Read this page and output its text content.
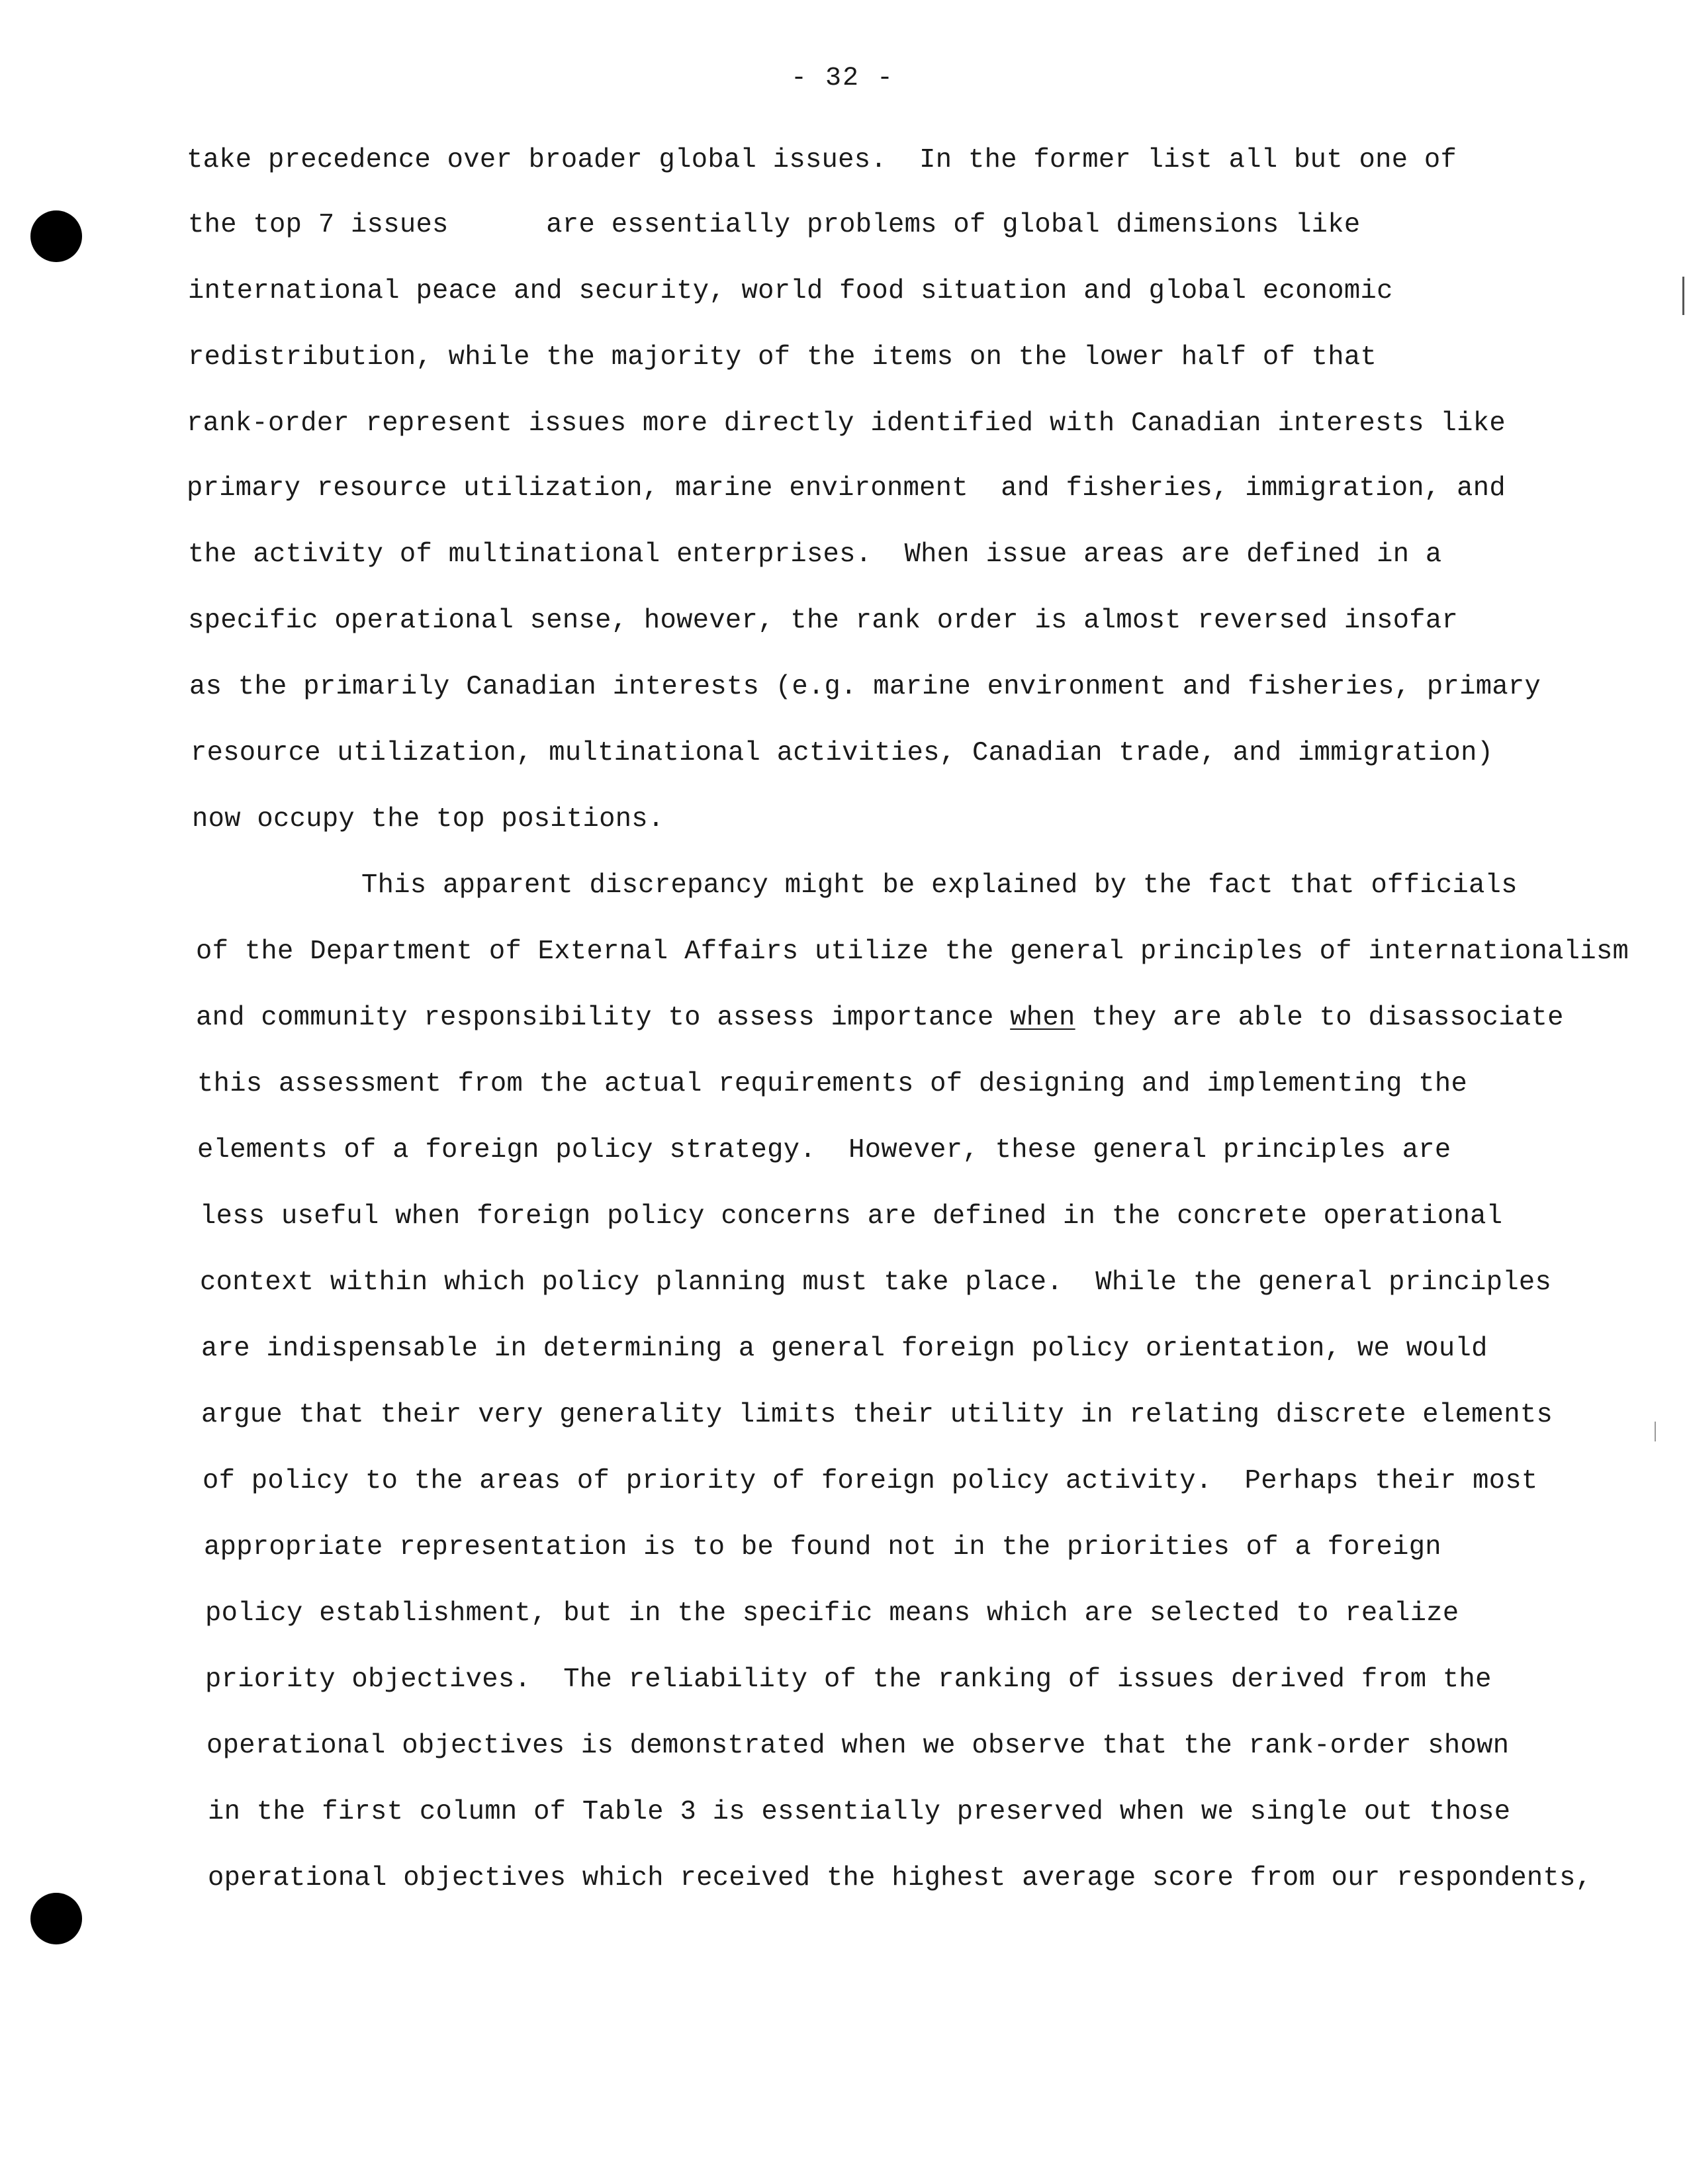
- 32 -
take precedence over broader global issues.  In the former list all but one of
the top 7 issues      are essentially problems of global dimensions like
international peace and security, world food situation and global economic
redistribution, while the majority of the items on the lower half of that
rank-order represent issues more directly identified with Canadian interests like
primary resource utilization, marine environment  and fisheries, immigration, and
the activity of multinational enterprises.  When issue areas are defined in a
specific operational sense, however, the rank order is almost reversed insofar
as the primarily Canadian interests (e.g. marine environment and fisheries, primary
resource utilization, multinational activities, Canadian trade, and immigration)
now occupy the top positions.
This apparent discrepancy might be explained by the fact that officials
of the Department of External Affairs utilize the general principles of internationalism
and community responsibility to assess importance when they are able to disassociate
this assessment from the actual requirements of designing and implementing the
elements of a foreign policy strategy.  However, these general principles are
less useful when foreign policy concerns are defined in the concrete operational
context within which policy planning must take place.  While the general principles
are indispensable in determining a general foreign policy orientation, we would
argue that their very generality limits their utility in relating discrete elements
of policy to the areas of priority of foreign policy activity.  Perhaps their most
appropriate representation is to be found not in the priorities of a foreign
policy establishment, but in the specific means which are selected to realize
priority objectives.  The reliability of the ranking of issues derived from the
operational objectives is demonstrated when we observe that the rank-order shown
in the first column of Table 3 is essentially preserved when we single out those
operational objectives which received the highest average score from our respondents,
